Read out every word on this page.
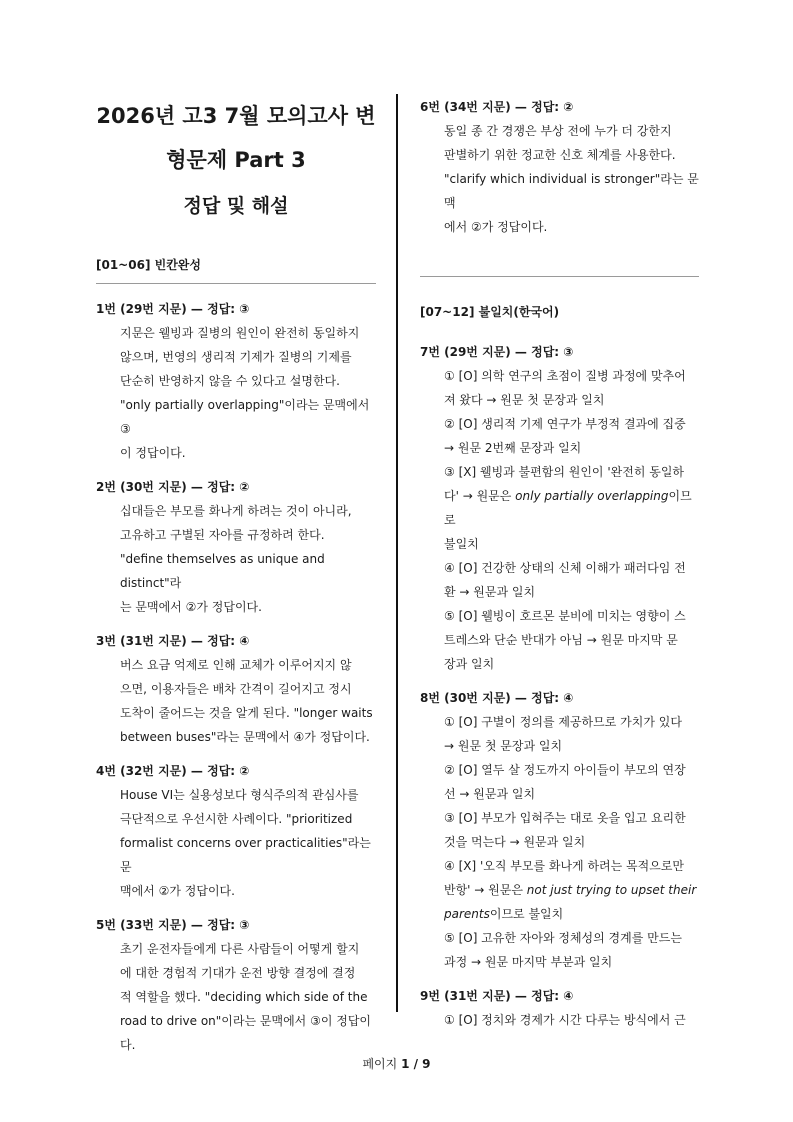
2026년 고3 7월 모의고사 변
형문제 Part 3
정답 및 해설
[01~06] 빈칸완성
1번 (29번 지문) — 정답: ③

지문은 웰빙과 질병의 원인이 완전히 동일하지

않으며, 번영의 생리적 기제가 질병의 기제를

단순히 반영하지 않을 수 있다고 설명한다.

"only partially overlapping"이라는 문맥에서 ③

이 정답이다.

2번 (30번 지문) — 정답: ②

십대들은 부모를 화나게 하려는 것이 아니라,

고유하고 구별된 자아를 규정하려 한다.

"define themselves as unique and distinct"라

는 문맥에서 ②가 정답이다.

3번 (31번 지문) — 정답: ④

버스 요금 억제로 인해 교체가 이루어지지 않

으면, 이용자들은 배차 간격이 길어지고 정시

도착이 줄어드는 것을 알게 된다. "longer waits

between buses"라는 문맥에서 ④가 정답이다.

4번 (32번 지문) — 정답: ②

House VI는 실용성보다 형식주의적 관심사를

극단적으로 우선시한 사례이다. "prioritized

formalist concerns over practicalities"라는 문

맥에서 ②가 정답이다.

5번 (33번 지문) — 정답: ③

초기 운전자들에게 다른 사람들이 어떻게 할지

에 대한 경험적 기대가 운전 방향 결정에 결정

적 역할을 했다. "deciding which side of the

road to drive on"이라는 문맥에서 ③이 정답이

다.

6번 (34번 지문) — 정답: ②

동일 종 간 경쟁은 부상 전에 누가 더 강한지

판별하기 위한 정교한 신호 체계를 사용한다.

"clarify which individual is stronger"라는 문맥

에서 ②가 정답이다.

[07~12] 불일치(한국어)
7번 (29번 지문) — 정답: ③
① [O] 의학 연구의 초점이 질병 과정에 맞추어
져 왔다 → 원문 첫 문장과 일치
② [O] 생리적 기제 연구가 부정적 결과에 집중
→ 원문 2번째 문장과 일치
③ [X] 웰빙과 불편함의 원인이 '완전히 동일하
다' → 원문은 only partially overlapping이므로
불일치
④ [O] 건강한 상태의 신체 이해가 패러다임 전
환 → 원문과 일치
⑤ [O] 웰빙이 호르몬 분비에 미치는 영향이 스
트레스와 단순 반대가 아님 → 원문 마지막 문
장과 일치
8번 (30번 지문) — 정답: ④
① [O] 구별이 정의를 제공하므로 가치가 있다
→ 원문 첫 문장과 일치
② [O] 열두 살 정도까지 아이들이 부모의 연장
선 → 원문과 일치
③ [O] 부모가 입혀주는 대로 옷을 입고 요리한
것을 먹는다 → 원문과 일치
④ [X] '오직 부모를 화나게 하려는 목적으로만
반항' → 원문은 not just trying to upset their
parents이므로 불일치
⑤ [O] 고유한 자아와 정체성의 경계를 만드는
과정 → 원문 마지막 부분과 일치
9번 (31번 지문) — 정답: ④
① [O] 정치와 경제가 시간 다루는 방식에서 근
페이지 1 / 9
